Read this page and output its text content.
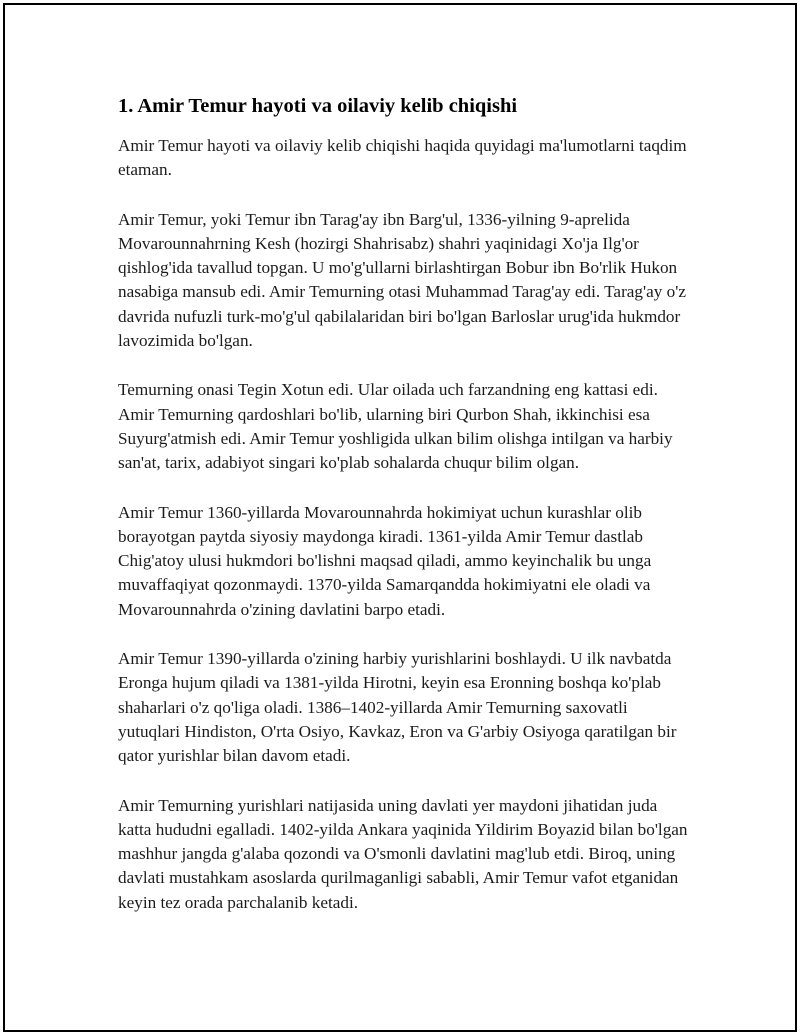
1. Amir Temur hayoti va oilaviy kelib chiqishi

Amir Temur hayoti va oilaviy kelib chiqishi haqida quyidagi ma'lumotlarni taqdim etaman.

Amir Temur, yoki Temur ibn Tarag'ay ibn Barg'ul, 1336-yilning 9-aprelida Movarounnahrning Kesh (hozirgi Shahrisabz) shahri yaqinidagi Xo'ja Ilg'or qishlog'ida tavallud topgan. U mo'g'ullarni birlashtirgan Bobur ibn Bo'rlik Hukon nasabiga mansub edi. Amir Temurning otasi Muhammad Tarag'ay edi. Tarag'ay o'z davrida nufuzli turk-mo'g'ul qabilalaridan biri bo'lgan Barloslar urug'ida hukmdor lavozimida bo'lgan.

Temurning onasi Tegin Xotun edi. Ular oilada uch farzandning eng kattasi edi. Amir Temurning qardoshlari bo'lib, ularning biri Qurbon Shah, ikkinchisi esa Suyurg'atmish edi. Amir Temur yoshligida ulkan bilim olishga intilgan va harbiy san'at, tarix, adabiyot singari ko'plab sohalarda chuqur bilim olgan.

Amir Temur 1360-yillarda Movarounnahrda hokimiyat uchun kurashlar olib borayotgan paytda siyosiy maydonga kiradi. 1361-yilda Amir Temur dastlab Chig'atoy ulusi hukmdori bo'lishni maqsad qiladi, ammo keyinchalik bu unga muvaffaqiyat qozonmaydi. 1370-yilda Samarqandda hokimiyatni ele oladi va Movarounnahrda o'zining davlatini barpo etadi.

Amir Temur 1390-yillarda o'zining harbiy yurishlarini boshlaydi. U ilk navbatda Eronga hujum qiladi va 1381-yilda Hirotni, keyin esa Eronning boshqa ko'plab shaharlari o'z qo'liga oladi. 1386–1402-yillarda Amir Temurning saxovatli yutuqlari Hindiston, O'rta Osiyo, Kavkaz, Eron va G'arbiy Osiyoga qaratilgan bir qator yurishlar bilan davom etadi.

Amir Temurning yurishlari natijasida uning davlati yer maydoni jihatidan juda katta hududni egalladi. 1402-yilda Ankara yaqinida Yildirim Boyazid bilan bo'lgan mashhur jangda g'alaba qozondi va O'smonli davlatini mag'lub etdi. Biroq, uning davlati mustahkam asoslarda qurilmaganligi sababli, Amir Temur vafot etganidan keyin tez orada parchalanib ketadi.
